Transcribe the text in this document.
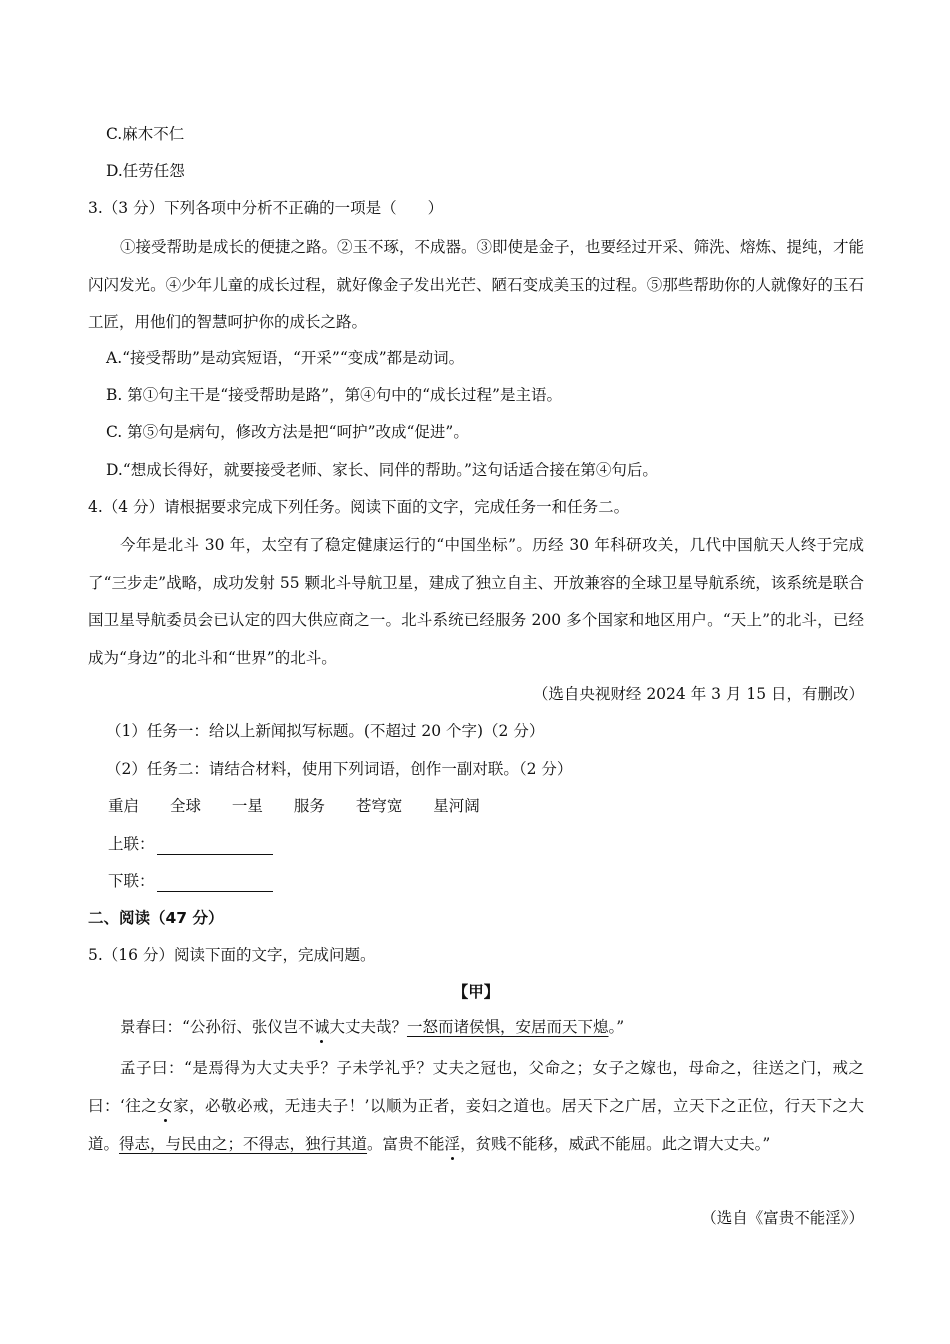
C.麻木不仁
D.任劳任怨
3.（3 分）下列各项中分析不正确的一项是（　　）
①接受帮助是成长的便捷之路。②玉不琢，不成器。③即使是金子，也要经过开采、筛洗、熔炼、提纯，才能闪闪发光。④少年儿童的成长过程，就好像金子发出光芒、陋石变成美玉的过程。⑤那些帮助你的人就像好的玉石工匠，用他们的智慧呵护你的成长之路。
A.“接受帮助”是动宾短语，“开采”“变成”都是动词。
B. 第①句主干是“接受帮助是路”，第④句中的“成长过程”是主语。
C. 第⑤句是病句，修改方法是把“呵护”改成“促进”。
D.“想成长得好，就要接受老师、家长、同伴的帮助。”这句话适合接在第④句后。
4.（4 分）请根据要求完成下列任务。阅读下面的文字，完成任务一和任务二。
今年是北斗 30 年，太空有了稳定健康运行的“中国坐标”。历经 30 年科研攻关，几代中国航天人终于完成了“三步走”战略，成功发射 55 颗北斗导航卫星，建成了独立自主、开放兼容的全球卫星导航系统，该系统是联合国卫星导航委员会已认定的四大供应商之一。北斗系统已经服务 200 多个国家和地区用户。“天上”的北斗，已经成为“身边”的北斗和“世界”的北斗。
（选自央视财经 2024 年 3 月 15 日，有删改）
（1）任务一：给以上新闻拟写标题。(不超过 20 个字)（2 分）
（2）任务二：请结合材料，使用下列词语，创作一副对联。（2 分）
重启 全球 一星 服务 苍穹宽 星河阔
上联：
下联：
二、阅读（47 分）
5.（16 分）阅读下面的文字，完成问题。
【甲】
景春曰：“公孙衍、张仪岂不诚大丈夫哉？一怒而诸侯惧，安居而天下熄。”
孟子曰：“是焉得为大丈夫乎？子未学礼乎？丈夫之冠也，父命之；女子之嫁也，母命之，往送之门，戒之曰：‘往之女家，必敬必戒，无违夫子！’以顺为正者，妾妇之道也。居天下之广居，立天下之正位，行天下之大道。得志，与民由之；不得志，独行其道。富贵不能淫，贫贱不能移，威武不能屈。此之谓大丈夫。”
（选自《富贵不能淫》）
